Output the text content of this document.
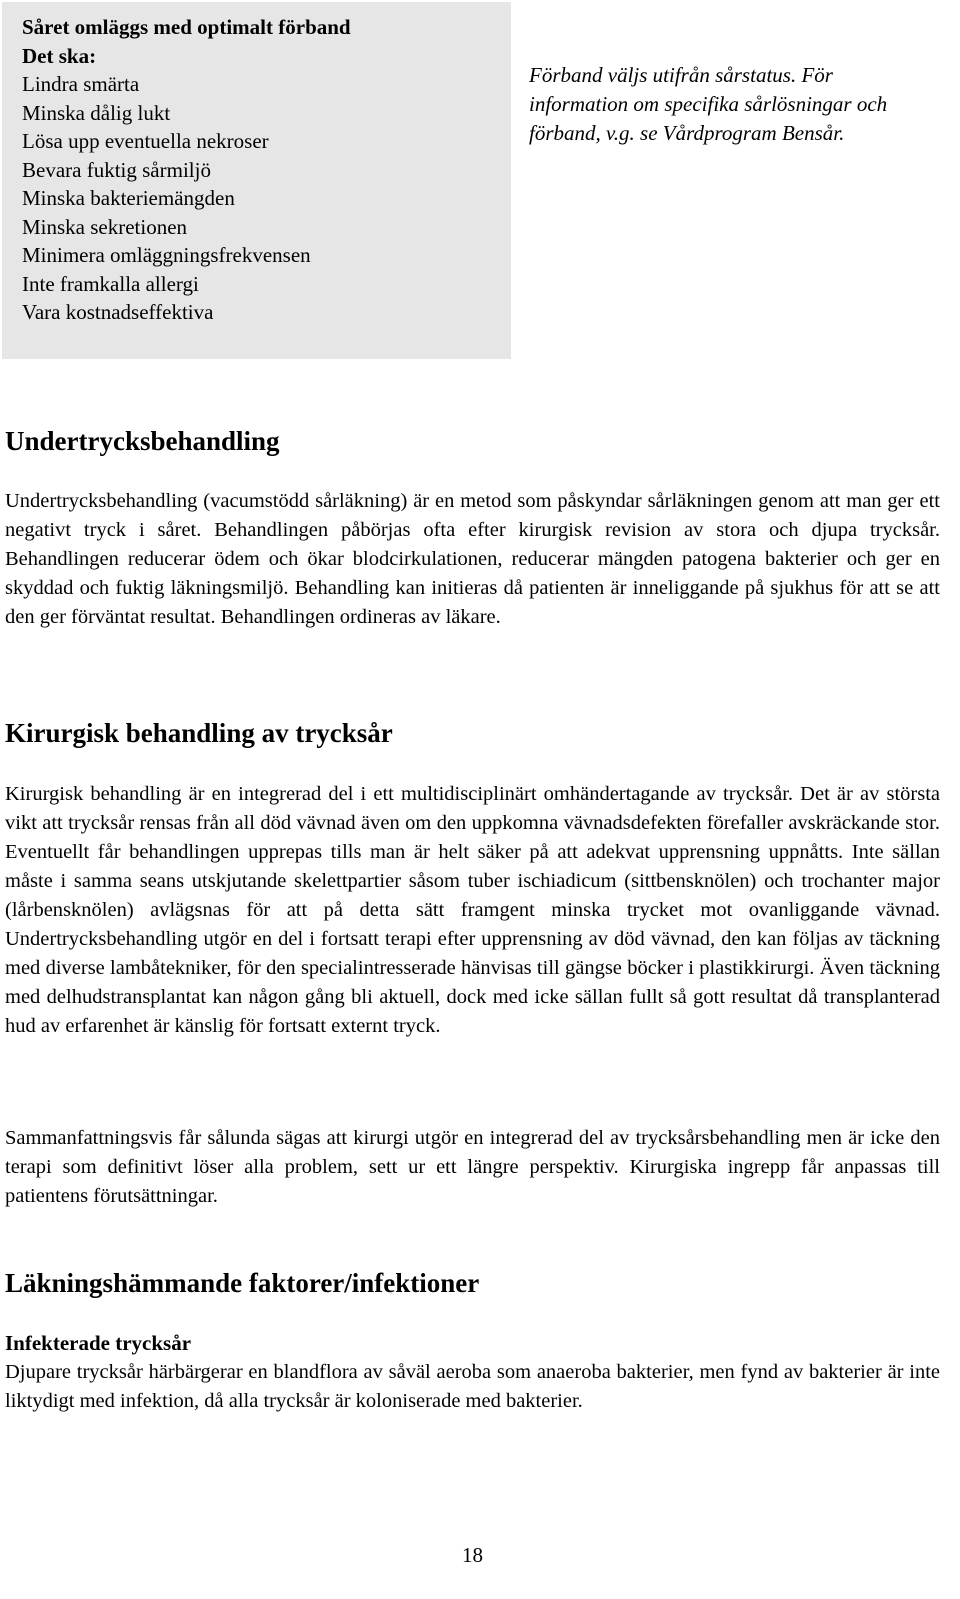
Såret omläggs med optimalt förband
Det ska:
Lindra smärta
Minska dålig lukt
Lösa upp eventuella nekroser
Bevara fuktig sårmiljö
Minska bakteriemängden
Minska sekretionen
Minimera omläggningsfrekvensen
Inte framkalla allergi
Vara kostnadseffektiva
Förband väljs utifrån sårstatus. För information om specifika sårlösningar och förband, v.g. se Vårdprogram Bensår.
Undertrycksbehandling

Undertrycksbehandling (vacumstödd sårläkning) är en metod som påskyndar sårläkningen genom att man ger ett negativt tryck i såret. Behandlingen påbörjas ofta efter kirurgisk revision av stora och djupa trycksår. Behandlingen reducerar ödem och ökar blodcirkulationen, reducerar mängden patogena bakterier och ger en skyddad och fuktig läkningsmiljö. Behandling kan initieras då patienten är inneliggande på sjukhus för att se att den ger förväntat resultat. Behandlingen ordineras av läkare.

Kirurgisk behandling av trycksår

Kirurgisk behandling är en integrerad del i ett multidisciplinärt omhändertagande av trycksår. Det är av största vikt att trycksår rensas från all död vävnad även om den uppkomna vävnadsdefekten förefaller avskräckande stor. Eventuellt får behandlingen upprepas tills man är helt säker på att adekvat upprensning uppnåtts. Inte sällan måste i samma seans utskjutande skelettpartier såsom tuber ischiadicum (sittbensknölen) och trochanter major (lårbensknölen) avlägsnas för att på detta sätt framgent minska trycket mot ovanliggande vävnad. Undertrycksbehandling utgör en del i fortsatt terapi efter upprensning av död vävnad, den kan följas av täckning med diverse lambåtekniker, för den specialintresserade hänvisas till gängse böcker i plastikkirurgi. Även täckning med delhudstransplantat kan någon gång bli aktuell, dock med icke sällan fullt så gott resultat då transplanterad hud av erfarenhet är känslig för fortsatt externt tryck.

Sammanfattningsvis får sålunda sägas att kirurgi utgör en integrerad del av trycksårsbehandling men är icke den terapi som definitivt löser alla problem, sett ur ett längre perspektiv. Kirurgiska ingrepp får anpassas till patientens förutsättningar.

Läkningshämmande faktorer/infektioner
Infekterade trycksår

Djupare trycksår härbärgerar en blandflora av såväl aeroba som anaeroba bakterier, men fynd av bakterier är inte liktydigt med infektion, då alla trycksår är koloniserade med bakterier.

18
